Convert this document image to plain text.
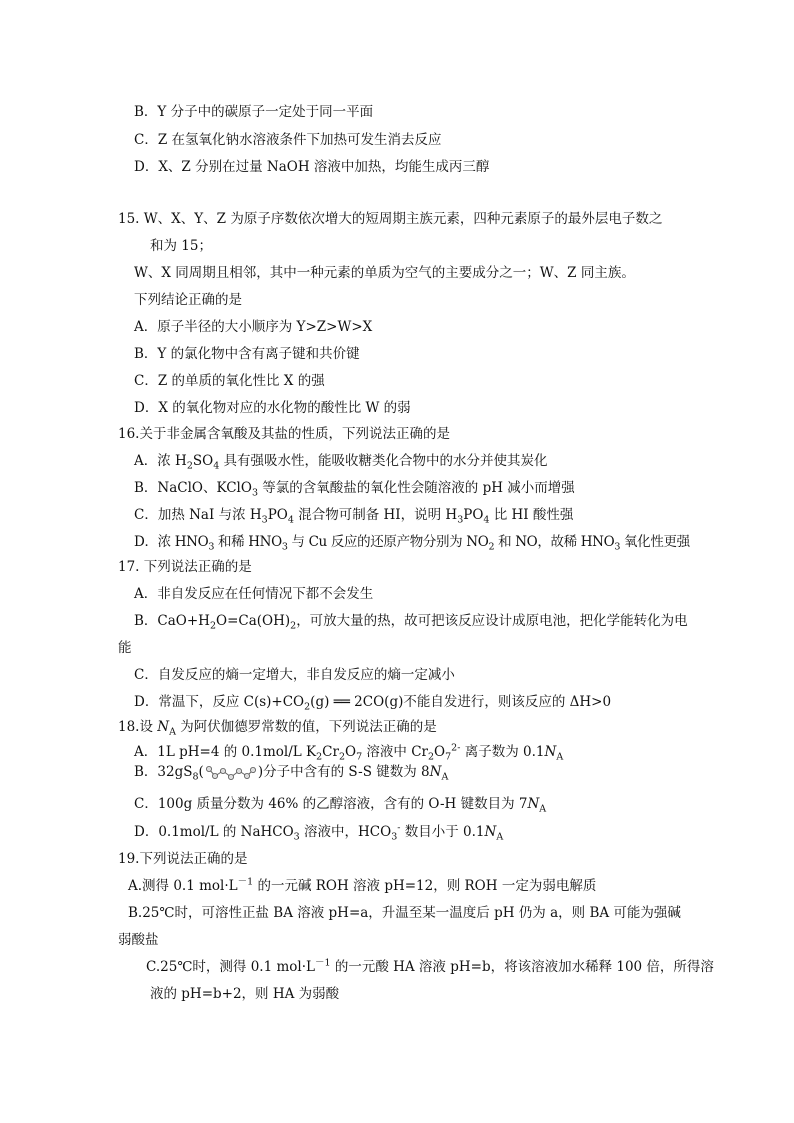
B．Y 分子中的碳原子一定处于同一平面
C．Z 在氢氧化钠水溶液条件下加热可发生消去反应
D．X、Z 分别在过量 NaOH 溶液中加热，均能生成丙三醇
15. W、X、Y、Z 为原子序数依次增大的短周期主族元素，四种元素原子的最外层电子数之
和为 15；
W、X 同周期且相邻，其中一种元素的单质为空气的主要成分之一；W、Z 同主族。
下列结论正确的是
A．原子半径的大小顺序为 Y>Z>W>X
B．Y 的氯化物中含有离子键和共价键
C．Z 的单质的氧化性比 X 的强
D．X 的氧化物对应的水化物的酸性比 W 的弱
16.关于非金属含氧酸及其盐的性质，下列说法正确的是
A．浓 $H_2SO_4$ 具有强吸水性，能吸收糖类化合物中的水分并使其炭化
B．NaClO、KClO$_3$ 等氯的含氧酸盐的氧化性会随溶液的 pH 减小而增强
C．加热 NaI 与浓 $H_3PO_4$ 混合物可制备 HI，说明 $H_3PO_4$ 比 HI 酸性强
D．浓 $HNO_3$ 和稀 $HNO_3$ 与 Cu 反应的还原产物分别为 $NO_2$ 和 NO，故稀 $HNO_3$ 氧化性更强
17. 下列说法正确的是
A．非自发反应在任何情况下都不会发生
B．$CaO+H_2O=Ca(OH)_2$，可放大量的热，故可把该反应设计成原电池，把化学能转化为电
能
C．自发反应的熵一定增大，非自发反应的熵一定减小
D．常温下，反应 $C(s)+CO_2(g)$ ══ 2CO(g)不能自发进行，则该反应的 ΔH>0
18.设 $N_A$ 为阿伏伽德罗常数的值，下列说法正确的是
A．1L pH=4 的 0.1mol/L $K_2Cr_2O_7$ 溶液中 $Cr_2O_7^{2-}$ 离子数为 $0.1N_A$
B．$32gS_8$(	)分子中含有的 S-S 键数为 $8N_A$
C．100g 质量分数为 46% 的乙醇溶液，含有的 O-H 键数目为 $7N_A$
D．0.1mol/L 的 NaHCO$_3$ 溶液中，$HCO_3^-$ 数目小于 $0.1N_A$
19.下列说法正确的是
A.测得 0.1 $mol\cdot L^{-1}$ 的一元碱 ROH 溶液 pH=12，则 ROH 一定为弱电解质
B.25℃时，可溶性正盐 BA 溶液 pH=a，升温至某一温度后 pH 仍为 a，则 BA 可能为强碱
弱酸盐
C.25℃时，测得 0.1 $mol\cdot L^{-1}$ 的一元酸 HA 溶液 pH=b，将该溶液加水稀释 100 倍，所得溶
液的 pH=b+2，则 HA 为弱酸
